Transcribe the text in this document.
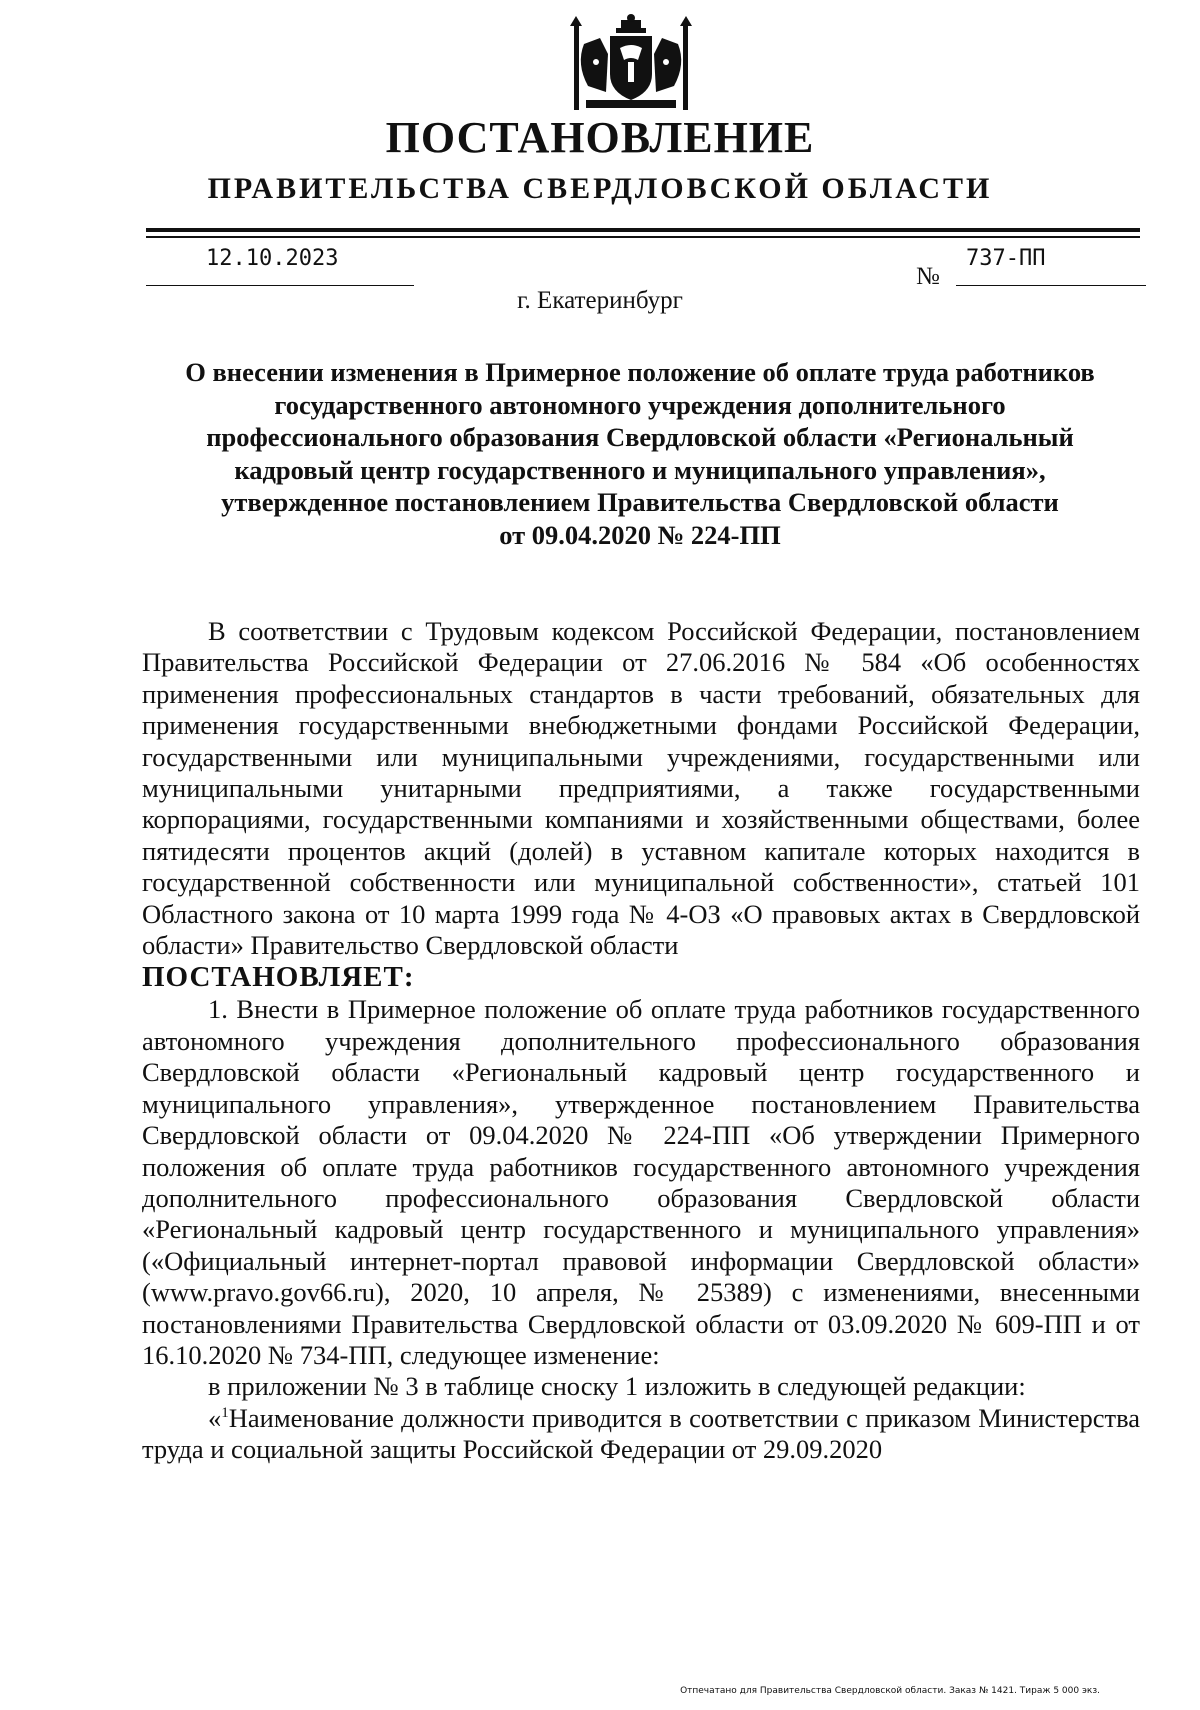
ПОСТАНОВЛЕНИЕ
ПРАВИТЕЛЬСТВА СВЕРДЛОВСКОЙ ОБЛАСТИ
12.10.2023
№
737-ПП
г. Екатеринбург
О внесении изменения в Примерное положение об оплате труда работников
государственного автономного учреждения дополнительного
профессионального образования Свердловской области «Региональный
кадровый центр государственного и муниципального управления»,
утвержденное постановлением Правительства Свердловской области
от 09.04.2020 № 224-ПП

В соответствии с Трудовым кодексом Российской Федерации, постановлением Правительства Российской Федерации от 27.06.2016 № 584 «Об особенностях применения профессиональных стандартов в части требований, обязательных для применения государственными внебюджетными фондами Российской Федерации, государственными или муниципальными учреждениями, государственными или муниципальными унитарными предприятиями, а также государственными корпорациями, государственными компаниями и хозяйственными обществами, более пятидесяти процентов акций (долей) в уставном капитале которых находится в государственной собственности или муниципальной собственности», статьей 101 Областного закона от 10 марта 1999 года № 4-ОЗ «О правовых актах в Свердловской области» Правительство Свердловской области

ПОСТАНОВЛЯЕТ:

1. Внести в Примерное положение об оплате труда работников государственного автономного учреждения дополнительного профессионального образования Свердловской области «Региональный кадровый центр государственного и муниципального управления», утвержденное постановлением Правительства Свердловской области от 09.04.2020 № 224-ПП «Об утверждении Примерного положения об оплате труда работников государственного автономного учреждения дополнительного профессионального образования Свердловской области «Региональный кадровый центр государственного и муниципального управления» («Официальный интернет-портал правовой информации Свердловской области» (www.pravo.gov66.ru), 2020, 10 апреля, № 25389) с изменениями, внесенными постановлениями Правительства Свердловской области от 03.09.2020 № 609-ПП и от 16.10.2020 № 734-ПП, следующее изменение:

в приложении № 3 в таблице сноску 1 изложить в следующей редакции:

«$^1$Наименование должности приводится в соответствии с приказом Министерства труда и социальной защиты Российской Федерации от 29.09.2020

Отпечатано для Правительства Свердловской области. Заказ № 1421. Тираж 5 000 экз.
